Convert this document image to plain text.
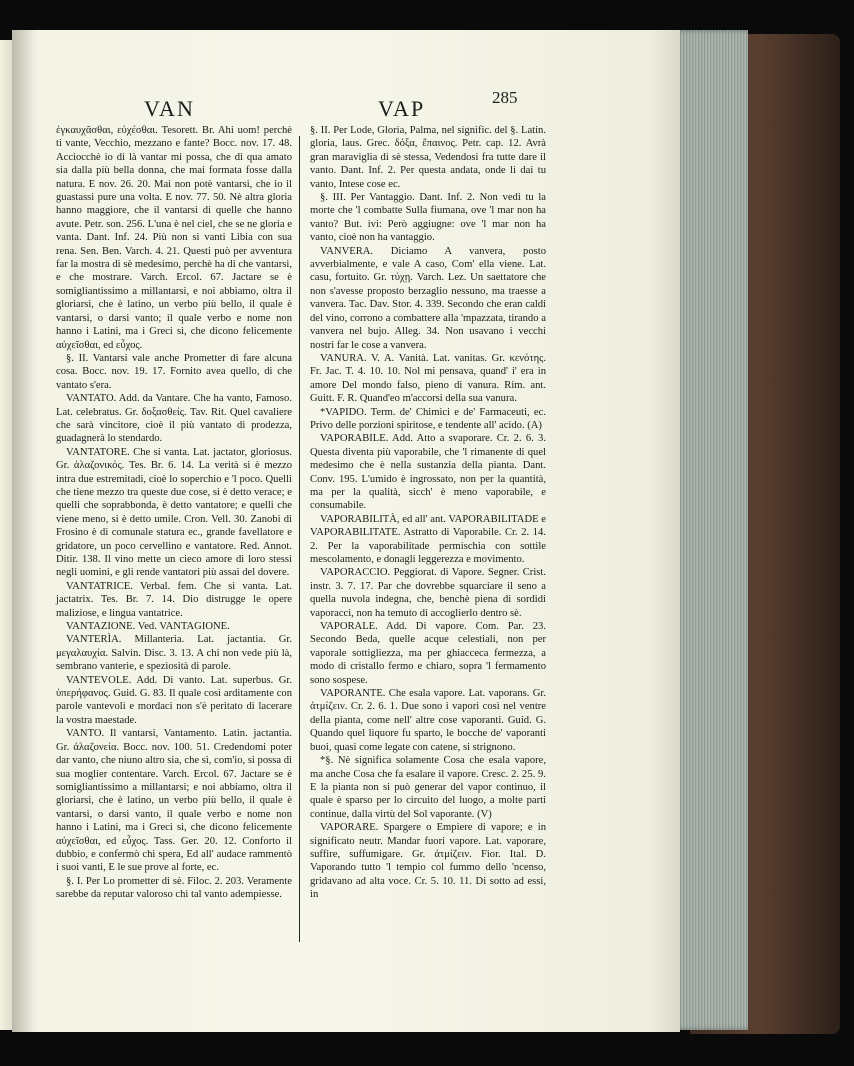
VAN	VAP	285

ἐγκαυχᾶσθαι, εὐχέσθαι. Tesorett. Br. Ahi uom! perchè ti vante, Vecchio, mezzano e fante? Bocc. nov. 17. 48. Acciocchè io di là vantar mi possa, che di qua amato sia dalla più bella donna, che mai formata fosse dalla natura. E nov. 26. 20. Mai non potè vantarsi, che io il guastassi pure una volta. E nov. 77. 50. Nè altra gloria hanno maggiore, che il vantarsi di quelle che hanno avute. Petr. son. 256. L'una è nel ciel, che se ne gloria e vanta. Dant. Inf. 24. Più non si vanti Libia con sua rena. Sen. Ben. Varch. 4. 21. Questi può per avventura far la mostra di sè medesimo, perchè ha di che vantarsi, e che mostrare. Varch. Ercol. 67. Jactare se è somigliantissimo a millantarsi, e noi abbiamo, oltra il gloriarsi, che è latino, un verbo più bello, il quale è vantarsi, o darsi vanto; il quale verbo e nome non hanno i Latini, ma i Greci sì, che dicono felicemente αὐχεῖσθαι, ed εὖχος.

§. II. Vantarsi vale anche Prometter di fare alcuna cosa. Bocc. nov. 19. 17. Fornito avea quello, di che vantato s'era.

VANTATO. Add. da Vantare. Che ha vanto, Famoso. Lat. celebratus. Gr. δοξασθείς. Tav. Rit. Quel cavaliere che sarà vincitore, cioè il più vantato di prodezza, guadagnerà lo stendardo.

VANTATORE. Che si vanta. Lat. jactator, gloriosus. Gr. ἀλαζονικός. Tes. Br. 6. 14. La verità si è mezzo intra due estremitadi, cioè lo soperchio e 'l poco. Quelli che tiene mezzo tra queste due cose, si è detto verace; e quelli che soprabbonda, è detto vantatore; e quelli che viene meno, si è detto umile. Cron. Vell. 30. Zanobi di Frosino è di comunale statura ec., grande favellatore e gridatore, un poco cervellino e vantatore. Red. Annot. Ditir. 138. Il vino mette un cieco amore di loro stessi negli uomini, e gli rende vantatori più assai del dovere.

VANTATRICE. Verbal. fem. Che si vanta. Lat. jactatrix. Tes. Br. 7. 14. Dio distrugge le opere maliziose, e lingua vantatrice.

VANTAZIONE. Ved. VANTAGIONE.

VANTERÌA. Millanteria. Lat. jactantia. Gr. μεγαλαυχία. Salvin. Disc. 3. 13. A chi non vede più là, sembrano vanterie, e speziosità di parole.

VANTEVOLE. Add. Di vanto. Lat. superbus. Gr. ὑπερήφανος. Guid. G. 83. Il quale così arditamente con parole vantevoli e mordaci non s'è peritato di lacerare la vostra maestade.

VANTO. Il vantarsi, Vantamento. Latin. jactantia. Gr. ἀλαζονεία. Bocc. nov. 100. 51. Credendomi poter dar vanto, che niuno altro sia, che sì, com'io, si possa di sua moglier contentare. Varch. Ercol. 67. Jactare se è somigliantissimo a millantarsi; e noi abbiamo, oltra il gloriarsi, che è latino, un verbo più bello, il quale è vantarsi, o darsi vanto, il quale verbo e nome non hanno i Latini, ma i Greci sì, che dicono felicemente αὐχεῖσθαι, ed εὖχος. Tass. Ger. 20. 12. Conforto il dubbio, e confermò chi spera, Ed all' audace rammentò i suoi vanti, E le sue prove al forte, ec.

§. I. Per Lo prometter di sè. Filoc. 2. 203. Veramente sarebbe da reputar valoroso chi tal vanto adempiesse.

§. II. Per Lode, Gloria, Palma, nel signific. del §. Latin. gloria, laus. Grec. δόξα, ἔπαινος. Petr. cap. 12. Avrà gran maraviglia di sè stessa, Vedendosi fra tutte dare il vanto. Dant. Inf. 2. Per questa andata, onde li dai tu vanto, Intese cose ec.

§. III. Per Vantaggio. Dant. Inf. 2. Non vedi tu la morte che 'l combatte Sulla fiumana, ove 'l mar non ha vanto? But. ivi: Però aggiugne: ove 'l mar non ha vanto, cioè non ha vantaggio.

VANVERA. Diciamo A vanvera, posto avverbialmente, e vale A caso, Com' ella viene. Lat. casu, fortuito. Gr. τύχῃ. Varch. Lez. Un saettatore che non s'avesse proposto berzaglio nessuno, ma traesse a vanvera. Tac. Dav. Stor. 4. 339. Secondo che eran caldi del vino, corrono a combattere alla 'mpazzata, tirando a vanvera nel bujo. Alleg. 34. Non usavano i vecchi nostri far le cose a vanvera.

VANURA. V. A. Vanità. Lat. vanitas. Gr. κενότης. Fr. Jac. T. 4. 10. 10. Nol mi pensava, quand' i' era in amore Del mondo falso, pieno di vanura. Rim. ant. Guitt. F. R. Quand'eo m'accorsi della sua vanura.

*VAPIDO. Term. de' Chimici e de' Farmaceuti, ec. Privo delle porzioni spiritose, e tendente all' acido. (A)

VAPORABILE. Add. Atto a svaporare. Cr. 2. 6. 3. Questa diventa più vaporabile, che 'l rimanente di quel medesimo che è nella sustanzia della pianta. Dant. Conv. 195. L'umido è ingrossato, non per la quantità, ma per la qualità, sicch' è meno vaporabile, e consumabile.

VAPORABILITÀ, ed all' ant. VAPORABILITADE e VAPORABILITATE. Astratto di Vaporabile. Cr. 2. 14. 2. Per la vaporabilitade permischia con sottile mescolamento, e donagli leggerezza e movimento.

VAPORACCIO. Peggiorat. di Vapore. Segner. Crist. instr. 3. 7. 17. Par che dovrebbe squarciare il seno a quella nuvola indegna, che, benchè piena di sordidi vaporacci, non ha temuto di accoglierlo dentro sè.

VAPORALE. Add. Di vapore. Com. Par. 23. Secondo Beda, quelle acque celestiali, non per vaporale sottigliezza, ma per ghiacceca fermezza, a modo di cristallo fermo e chiaro, sopra 'l fermamento sono sospese.

VAPORANTE. Che esala vapore. Lat. vaporans. Gr. ἀτμίζειν. Cr. 2. 6. 1. Due sono i vapori così nel ventre della pianta, come nell' altre cose vaporanti. Guid. G. Quando quel liquore fu sparto, le bocche de' vaporanti buoi, quasi come legate con catene, si strignono.

*§. Nè significa solamente Cosa che esala vapore, ma anche Cosa che fa esalare il vapore. Cresc. 2. 25. 9. E la pianta non si può generar del vapor continuo, il quale è sparso per lo circuito del luogo, a molte parti continue, dalla virtù del Sol vaporante. (V)

VAPORARE. Spargere o Empiere di vapore; e in significato neutr. Mandar fuori vapore. Lat. vaporare, suffire, suffumigare. Gr. ἀτμίζειν. Fior. Ital. D. Vaporando tutto 'l tempio col fummo dello 'ncenso, gridavano ad alta voce. Cr. 5. 10. 11. Di sotto ad essi, in
